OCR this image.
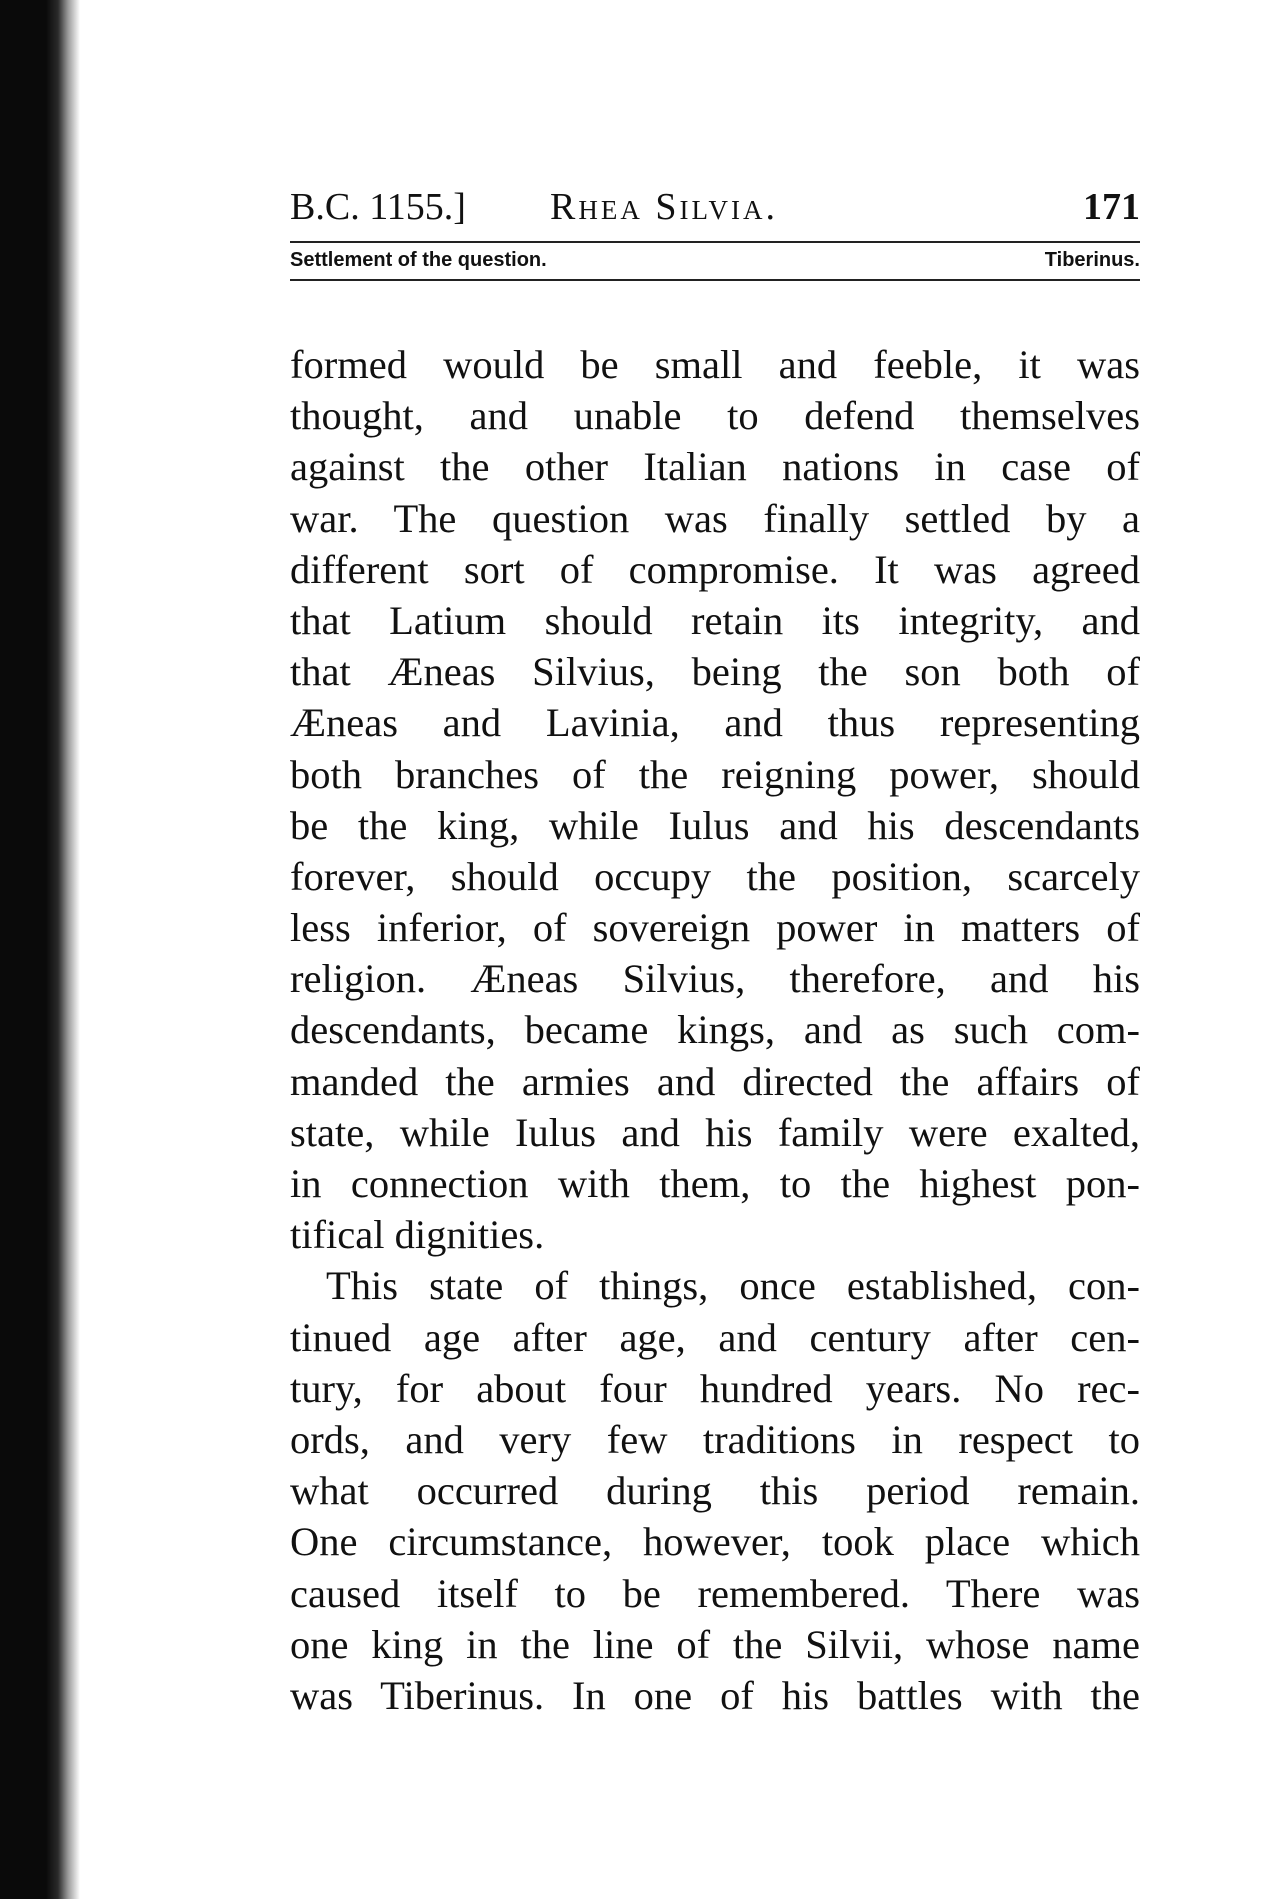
B.C. 1155.] Rhea Silvia.	171
Settlement of the question.	Tiberinus.
formed would be small and feeble, it was
thought, and unable to defend themselves
against the other Italian nations in case of
war. The question was finally settled by a
different sort of compromise. It was agreed
that Latium should retain its integrity, and
that Æneas Silvius, being the son both of
Æneas and Lavinia, and thus representing
both branches of the reigning power, should
be the king, while Iulus and his descendants
forever, should occupy the position, scarcely
less inferior, of sovereign power in matters of
religion. Æneas Silvius, therefore, and his
descendants, became kings, and as such com-
manded the armies and directed the affairs of
state, while Iulus and his family were exalted,
in connection with them, to the highest pon-
tifical dignities.
This state of things, once established, con-
tinued age after age, and century after cen-
tury, for about four hundred years. No rec-
ords, and very few traditions in respect to
what occurred during this period remain.
One circumstance, however, took place which
caused itself to be remembered. There was
one king in the line of the Silvii, whose name
was Tiberinus. In one of his battles with the
